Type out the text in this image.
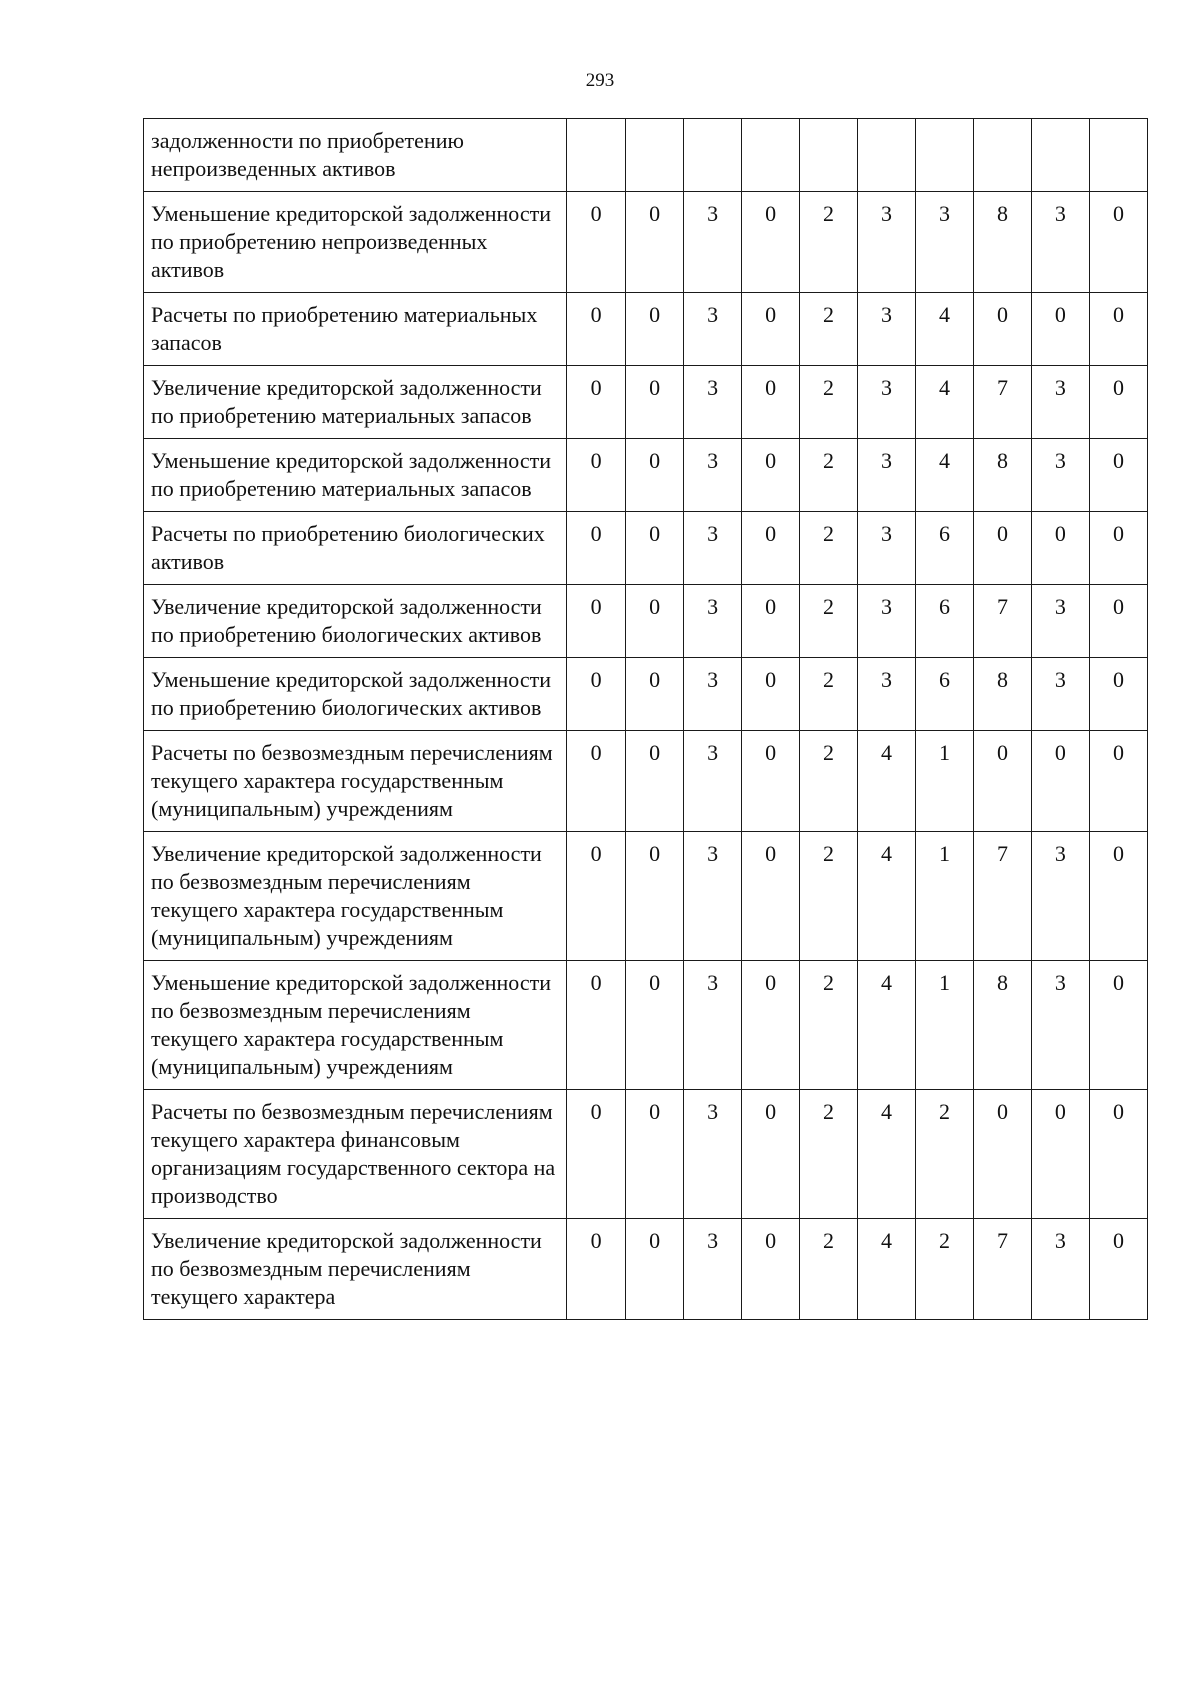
293
задолженности по приобретению непроизведенных активов										
Уменьшение кредиторской задолженности по приобретению непроизведенных активов	0	0	3	0	2	3	3	8	3	0
Расчеты по приобретению материальных запасов	0	0	3	0	2	3	4	0	0	0
Увеличение кредиторской задолженности по приобретению материальных запасов	0	0	3	0	2	3	4	7	3	0
Уменьшение кредиторской задолженности по приобретению материальных запасов	0	0	3	0	2	3	4	8	3	0
Расчеты по приобретению биологических активов	0	0	3	0	2	3	6	0	0	0
Увеличение кредиторской задолженности по приобретению биологических активов	0	0	3	0	2	3	6	7	3	0
Уменьшение кредиторской задолженности по приобретению биологических активов	0	0	3	0	2	3	6	8	3	0
Расчеты по безвозмездным перечислениям текущего характера государственным (муниципальным) учреждениям	0	0	3	0	2	4	1	0	0	0
Увеличение кредиторской задолженности по безвозмездным перечислениям текущего характера государственным (муниципальным) учреждениям	0	0	3	0	2	4	1	7	3	0
Уменьшение кредиторской задолженности по безвозмездным перечислениям текущего характера государственным (муниципальным) учреждениям	0	0	3	0	2	4	1	8	3	0
Расчеты по безвозмездным перечислениям текущего характера финансовым организациям государственного сектора на производство	0	0	3	0	2	4	2	0	0	0
Увеличение кредиторской задолженности по безвозмездным перечислениям текущего характера	0	0	3	0	2	4	2	7	3	0
